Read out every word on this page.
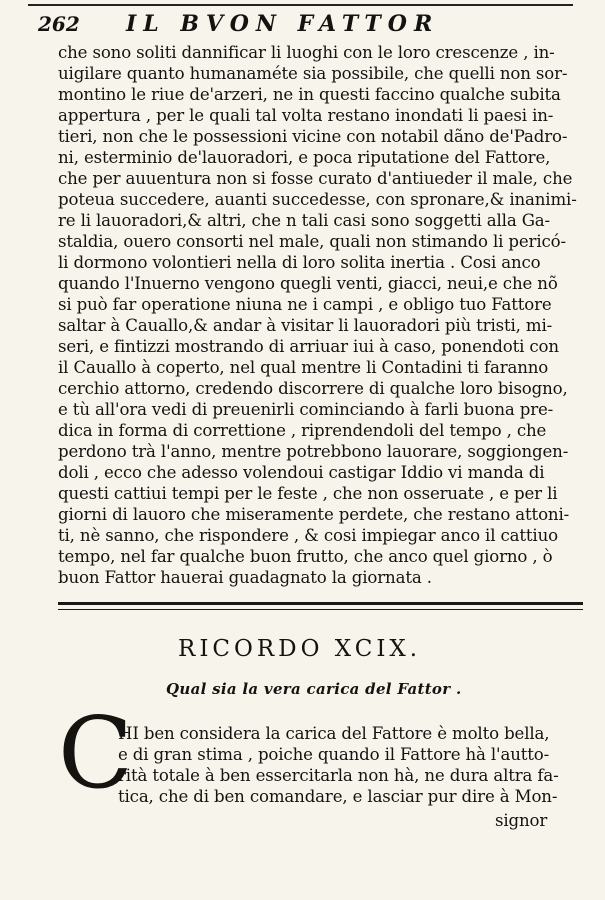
262 IL BVON FATTOR
che sono soliti dannificar li luoghi con le loro crescenze , in-
uigilare quanto humanaméte sia possibile, che quelli non sor-
montino le riue de'arzeri, ne in questi faccino qualche subita
appertura , per le quali tal volta restano inondati li paesi in-
tieri, non che le possessioni vicine con notabil dãno de'Padro-
ni, esterminio de'lauoradori, e poca riputatione del Fattore,
che per auuentura non si fosse curato d'antiueder il male, che
poteua succedere, auanti succedesse, con spronare,& inanimi-
re li lauoradori,& altri, che n tali casi sono soggetti alla Ga-
staldia, ouero consorti nel male, quali non stimando li pericó-
li dormono volontieri nella di loro solita inertia . Cosi anco
quando l'Inuerno vengono quegli venti, giacci, neui,e che nõ
si può far operatione niuna ne i campi , e obligo tuo Fattore
saltar à Cauallo,& andar à visitar li lauoradori più tristi, mi-
seri, e fintizzi mostrando di arriuar iui à caso, ponendoti con
il Cauallo à coperto, nel qual mentre li Contadini ti faranno
cerchio attorno, credendo discorrere di qualche loro bisogno,
e tù all'ora vedi di preuenirli cominciando à farli buona pre-
dica in forma di correttione , riprendendoli del tempo , che
perdono trà l'anno, mentre potrebbono lauorare, soggiongen-
doli , ecco che adesso volendoui castigar Iddio vi manda di
questi cattiui tempi per le feste , che non osseruate , e per li
giorni di lauoro che miseramente perdete, che restano attoni-
ti, nè sanno, che rispondere , & cosi impiegar anco il cattiuo
tempo, nel far qualche buon frutto, che anco quel giorno , ò
buon Fattor hauerai guadagnato la giornata .
RICORDO XCIX.
Qual sia la vera carica del Fattor .
C
HI ben considera la carica del Fattore è molto bella,
e di gran stima , poiche quando il Fattore hà l'autto-
rità totale à ben essercitarla non hà, ne dura altra fa-
tica, che di ben comandare, e lasciar pur dire à Mon-
signor
